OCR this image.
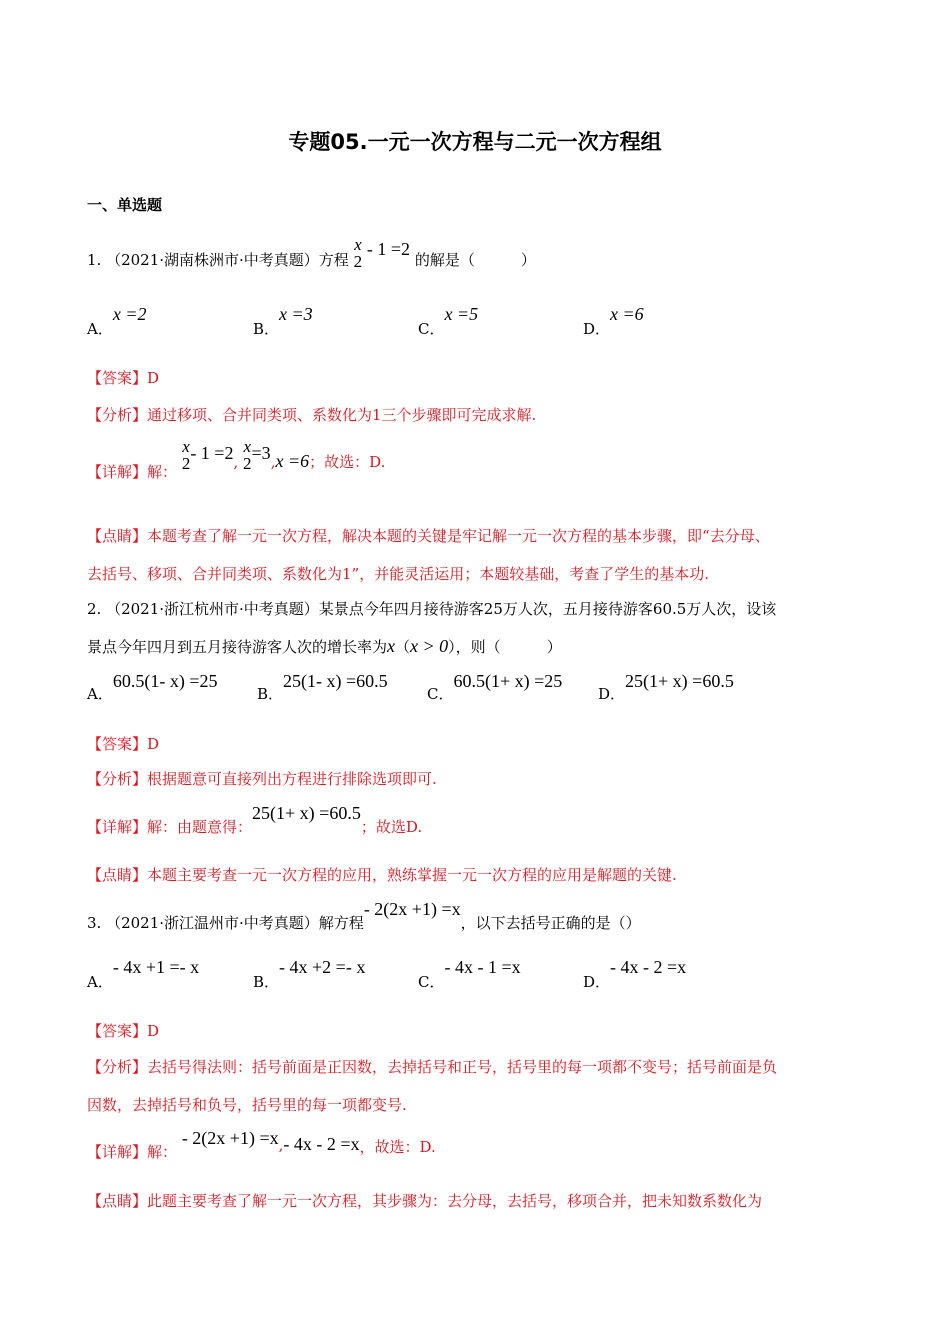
专题05.一元一次方程与二元一次方程组
一、单选题
1. （2021·湖南株洲市·中考真题）方程
x
2
- 1 =2 的解是（	）
A．x =2
B．x =3
C．x =5
D．x =6
【答案】D
【分析】通过移项、合并同类项、系数化为1三个步骤即可完成求解.
【详解】解：
x
2
- 1 =2,
x
2
=3,x =6；故选：D.
【点睛】本题考查了解一元一次方程，解决本题的关键是牢记解一元一次方程的基本步骤，即“去分母、
去括号、移项、合并同类项、系数化为1”，并能灵活运用；本题较基础，考查了学生的基本功.
2. （2021·浙江杭州市·中考真题）某景点今年四月接待游客25万人次，五月接待游客60.5万人次，设该
景点今年四月到五月接待游客人次的增长率为x（x > 0），则（	）
A．60.5(1- x) =25
B．25(1- x) =60.5
C．60.5(1+ x) =25
D．25(1+ x) =60.5
【答案】D
【分析】根据题意可直接列出方程进行排除选项即可.
【详解】解：由题意得：25(1+ x) =60.5；故选D.
【点睛】本题主要考查一元一次方程的应用，熟练掌握一元一次方程的应用是解题的关键.
3. （2021·浙江温州市·中考真题）解方程- 2(2x +1) =x，以下去括号正确的是（）
A．- 4x +1 =- x
B．- 4x +2 =- x
C．- 4x - 1 =x
D．- 4x - 2 =x
【答案】D
【分析】去括号得法则：括号前面是正因数，去掉括号和正号，括号里的每一项都不变号；括号前面是负
因数，去掉括号和负号，括号里的每一项都变号.
【详解】解： - 2(2x +1) =x,- 4x - 2 =x，故选：D.
【点睛】此题主要考查了解一元一次方程，其步骤为：去分母，去括号，移项合并，把未知数系数化为
